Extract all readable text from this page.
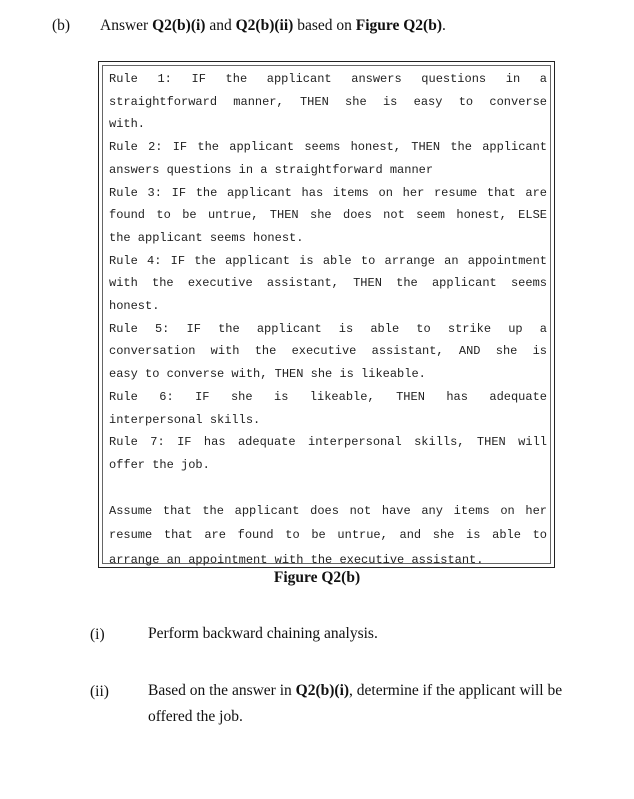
(b) Answer Q2(b)(i) and Q2(b)(ii) based on Figure Q2(b).
Rule 1: IF the applicant answers questions in a
straightforward manner, THEN she is easy to converse
with.
Rule 2: IF the applicant seems honest, THEN the applicant
answers questions in a straightforward manner
Rule 3: IF the applicant has items on her resume that are
found to be untrue, THEN she does not seem honest, ELSE
the applicant seems honest.
Rule 4: IF the applicant is able to arrange an appointment
with the executive assistant, THEN the applicant seems
honest.
Rule 5: IF the applicant is able to strike up a
conversation with the executive assistant, AND she is
easy to converse with, THEN she is likeable.
Rule 6: IF she is likeable, THEN has adequate
interpersonal skills.
Rule 7: IF has adequate interpersonal skills, THEN will
offer the job.
Assume that the applicant does not have any items on her
resume that are found to be untrue, and she is able to
arrange an appointment with the executive assistant.
Figure Q2(b)
(i)	Perform backward chaining analysis.
(ii)	Based on the answer in Q2(b)(i), determine if the applicant will be offered the job.
